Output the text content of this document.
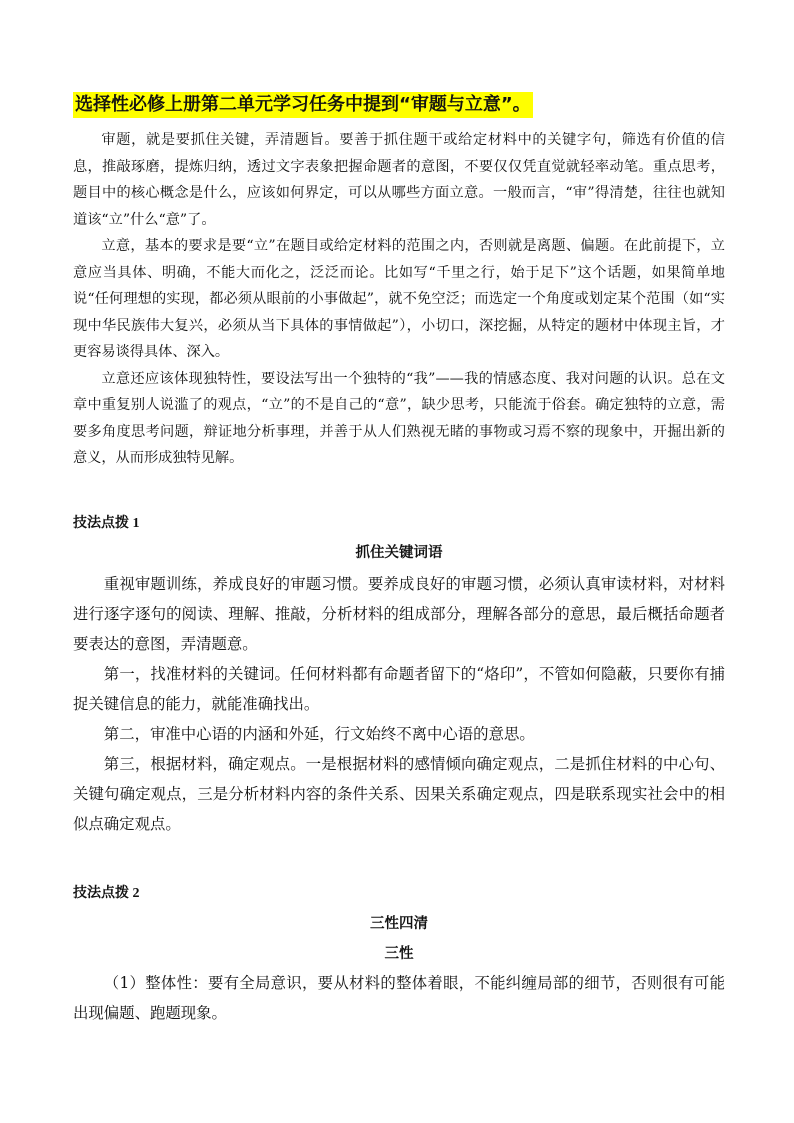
选择性必修上册第二单元学习任务中提到“审题与立意”。

审题，就是要抓住关键，弄清题旨。要善于抓住题干或给定材料中的关键字句，筛选有价值的信息，推敲琢磨，提炼归纳，透过文字表象把握命题者的意图，不要仅仅凭直觉就轻率动笔。重点思考，题目中的核心概念是什么，应该如何界定，可以从哪些方面立意。一般而言，“审”得清楚，往往也就知道该“立”什么“意”了。

立意，基本的要求是要“立”在题目或给定材料的范围之内，否则就是离题、偏题。在此前提下，立意应当具体、明确，不能大而化之，泛泛而论。比如写“千里之行，始于足下”这个话题，如果简单地说“任何理想的实现，都必须从眼前的小事做起”，就不免空泛；而选定一个角度或划定某个范围（如“实现中华民族伟大复兴，必须从当下具体的事情做起”），小切口，深挖掘，从特定的题材中体现主旨，才更容易谈得具体、深入。

立意还应该体现独特性，要设法写出一个独特的“我”——我的情感态度、我对问题的认识。总在文章中重复别人说滥了的观点，“立”的不是自己的“意”，缺少思考，只能流于俗套。确定独特的立意，需要多角度思考问题，辩证地分析事理，并善于从人们熟视无睹的事物或习焉不察的现象中，开掘出新的意义，从而形成独特见解。

技法点拨 1
抓住关键词语

重视审题训练，养成良好的审题习惯。要养成良好的审题习惯，必须认真审读材料，对材料进行逐字逐句的阅读、理解、推敲，分析材料的组成部分，理解各部分的意思，最后概括命题者要表达的意图，弄清题意。

第一，找准材料的关键词。任何材料都有命题者留下的“烙印”，不管如何隐蔽，只要你有捕捉关键信息的能力，就能准确找出。

第二，审准中心语的内涵和外延，行文始终不离中心语的意思。

第三，根据材料，确定观点。一是根据材料的感情倾向确定观点，二是抓住材料的中心句、关键句确定观点，三是分析材料内容的条件关系、因果关系确定观点，四是联系现实社会中的相似点确定观点。

技法点拨 2
三性四清
三性

（1）整体性：要有全局意识，要从材料的整体着眼，不能纠缠局部的细节，否则很有可能出现偏题、跑题现象。
